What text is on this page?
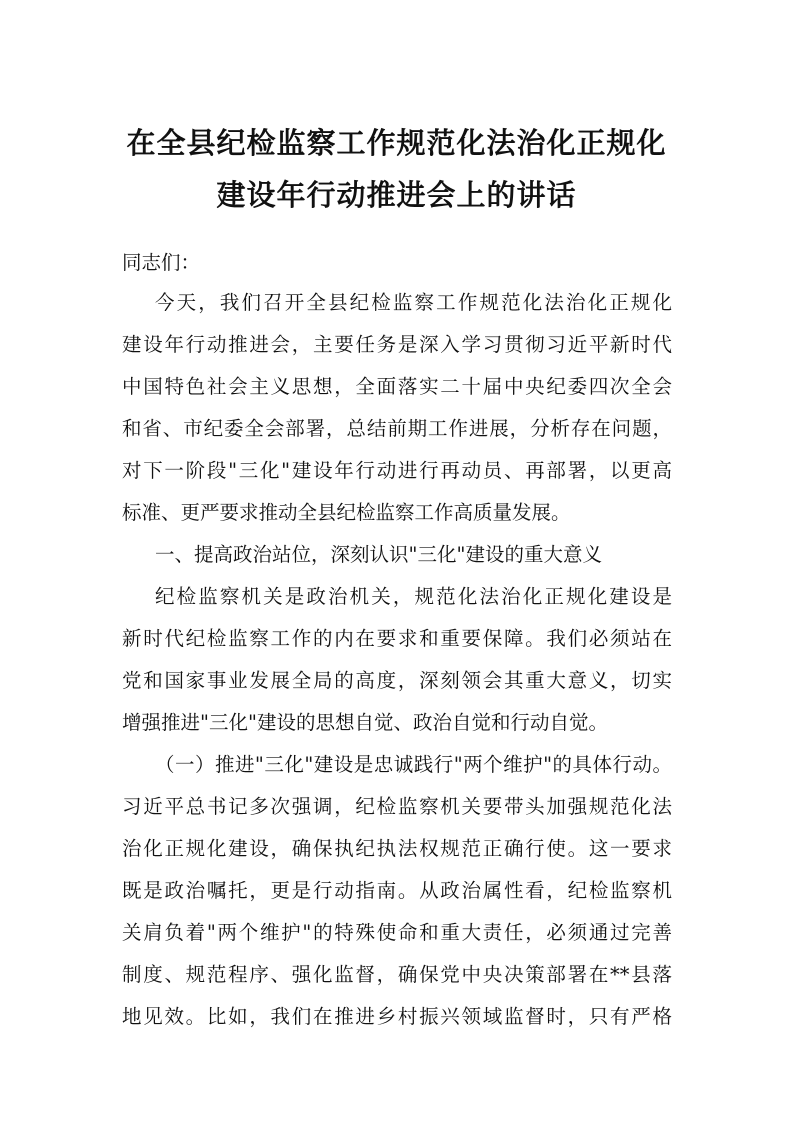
在全县纪检监察工作规范化法治化正规化
建设年行动推进会上的讲话
同志们：
今天，我们召开全县纪检监察工作规范化法治化正规化
建设年行动推进会，主要任务是深入学习贯彻习近平新时代
中国特色社会主义思想，全面落实二十届中央纪委四次全会
和省、市纪委全会部署，总结前期工作进展，分析存在问题，
对下一阶段"三化"建设年行动进行再动员、再部署，以更高
标准、更严要求推动全县纪检监察工作高质量发展。
一、提高政治站位，深刻认识"三化"建设的重大意义
纪检监察机关是政治机关，规范化法治化正规化建设是
新时代纪检监察工作的内在要求和重要保障。我们必须站在
党和国家事业发展全局的高度，深刻领会其重大意义，切实
增强推进"三化"建设的思想自觉、政治自觉和行动自觉。
（一）推进"三化"建设是忠诚践行"两个维护"的具体行动。
习近平总书记多次强调，纪检监察机关要带头加强规范化法
治化正规化建设，确保执纪执法权规范正确行使。这一要求
既是政治嘱托，更是行动指南。从政治属性看，纪检监察机
关肩负着"两个维护"的特殊使命和重大责任，必须通过完善
制度、规范程序、强化监督，确保党中央决策部署在**县落
地见效。比如，我们在推进乡村振兴领域监督时，只有严格
